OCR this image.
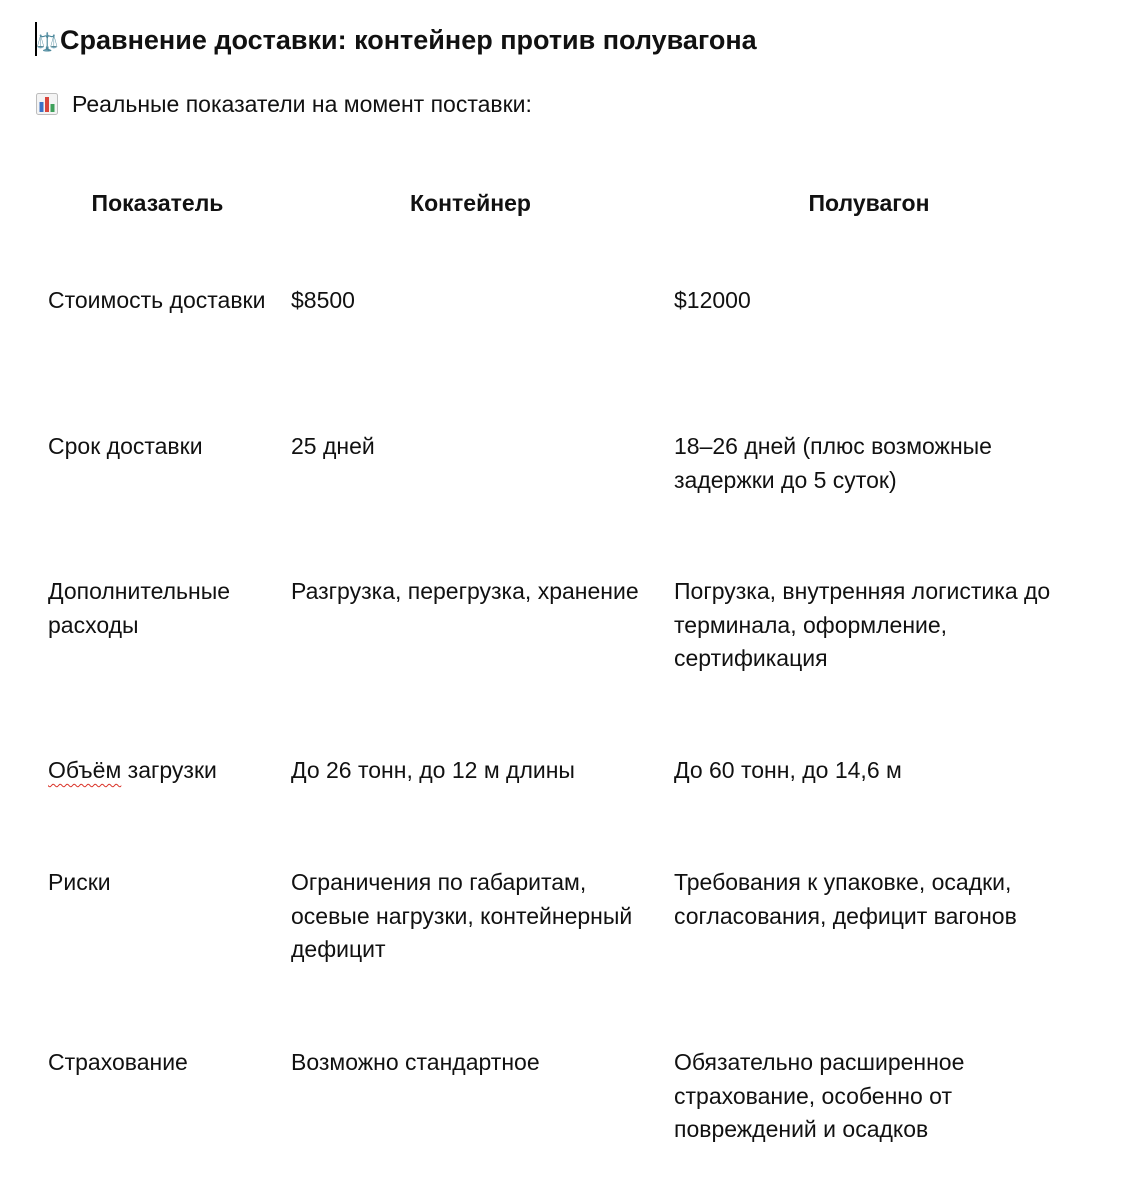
⚖️Сравнение доставки: контейнер против полувагона
Реальные показатели на момент поставки:
Показатель	Контейнер	Полувагон
Стоимость доставки	$8500	$12000
Срок доставки	25 дней	18–26 дней (плюс возможные задержки до 5 суток)
Дополнительные расходы	Разгрузка, перегрузка, хранение	Погрузка, внутренняя логистика до терминала, оформление, сертификация
Объём загрузки	До 26 тонн, до 12 м длины	До 60 тонн, до 14,6 м
Риски	Ограничения по габаритам, осевые нагрузки, контейнерный дефицит	Требования к упаковке, осадки, согласования, дефицит вагонов
Страхование	Возможно стандартное	Обязательно расширенное страхование, особенно от повреждений и осадков
